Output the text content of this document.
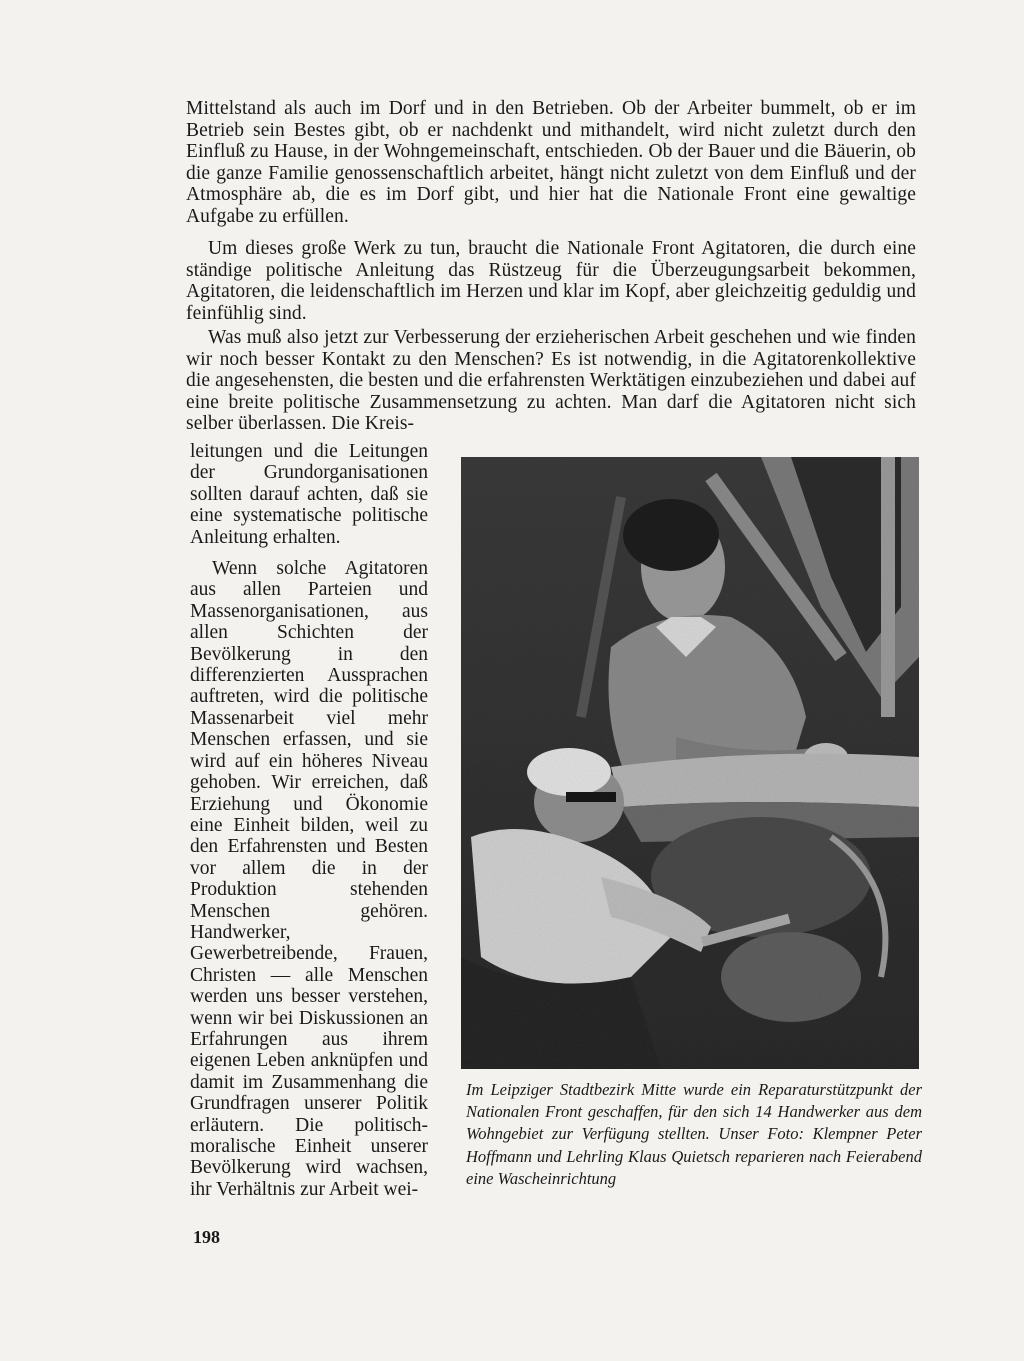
Mittelstand als auch im Dorf und in den Betrieben. Ob der Arbeiter bummelt, ob er im Betrieb sein Bestes gibt, ob er nachdenkt und mithandelt, wird nicht zuletzt durch den Einfluß zu Hause, in der Wohngemeinschaft, entschieden. Ob der Bauer und die Bäuerin, ob die ganze Familie genossenschaftlich arbeitet, hängt nicht zuletzt von dem Einfluß und der Atmosphäre ab, die es im Dorf gibt, und hier hat die Nationale Front eine gewaltige Aufgabe zu erfüllen.

Um dieses große Werk zu tun, braucht die Nationale Front Agitatoren, die durch eine ständige politische Anleitung das Rüstzeug für die Überzeugungsarbeit bekommen, Agitatoren, die leidenschaftlich im Herzen und klar im Kopf, aber gleichzeitig geduldig und feinfühlig sind.

Was muß also jetzt zur Verbesserung der erzieherischen Arbeit geschehen und wie finden wir noch besser Kontakt zu den Menschen? Es ist notwendig, in die Agitatorenkollektive die angesehensten, die besten und die erfahrensten Werktätigen einzubeziehen und dabei auf eine breite politische Zusammensetzung zu achten. Man darf die Agitatoren nicht sich selber überlassen. Die Kreis-

leitungen und die Leitungen der Grundorganisationen sollten darauf achten, daß sie eine systematische politische Anleitung erhalten.

Wenn solche Agitatoren aus allen Parteien und Massenorganisationen, aus allen Schichten der Bevölkerung in den differenzierten Aussprachen auftreten, wird die politische Massenarbeit viel mehr Menschen erfassen, und sie wird auf ein höheres Niveau gehoben. Wir erreichen, daß Erziehung und Ökonomie eine Einheit bilden, weil zu den Erfahrensten und Besten vor allem die in der Produktion stehenden Menschen gehören. Handwerker, Gewerbetreibende, Frauen, Christen — alle Menschen werden uns besser verstehen, wenn wir bei Diskussionen an Erfahrungen aus ihrem eigenen Leben anknüpfen und damit im Zusammenhang die Grundfragen unserer Politik erläutern. Die politisch-moralische Einheit unserer Bevölkerung wird wachsen, ihr Verhältnis zur Arbeit wei-

Im Leipziger Stadtbezirk Mitte wurde ein Reparaturstützpunkt der Nationalen Front geschaffen, für den sich 14 Handwerker aus dem Wohngebiet zur Verfügung stellten. Unser Foto: Klempner Peter Hoffmann und Lehrling Klaus Quietsch reparieren nach Feierabend eine Wascheinrichtung

198
